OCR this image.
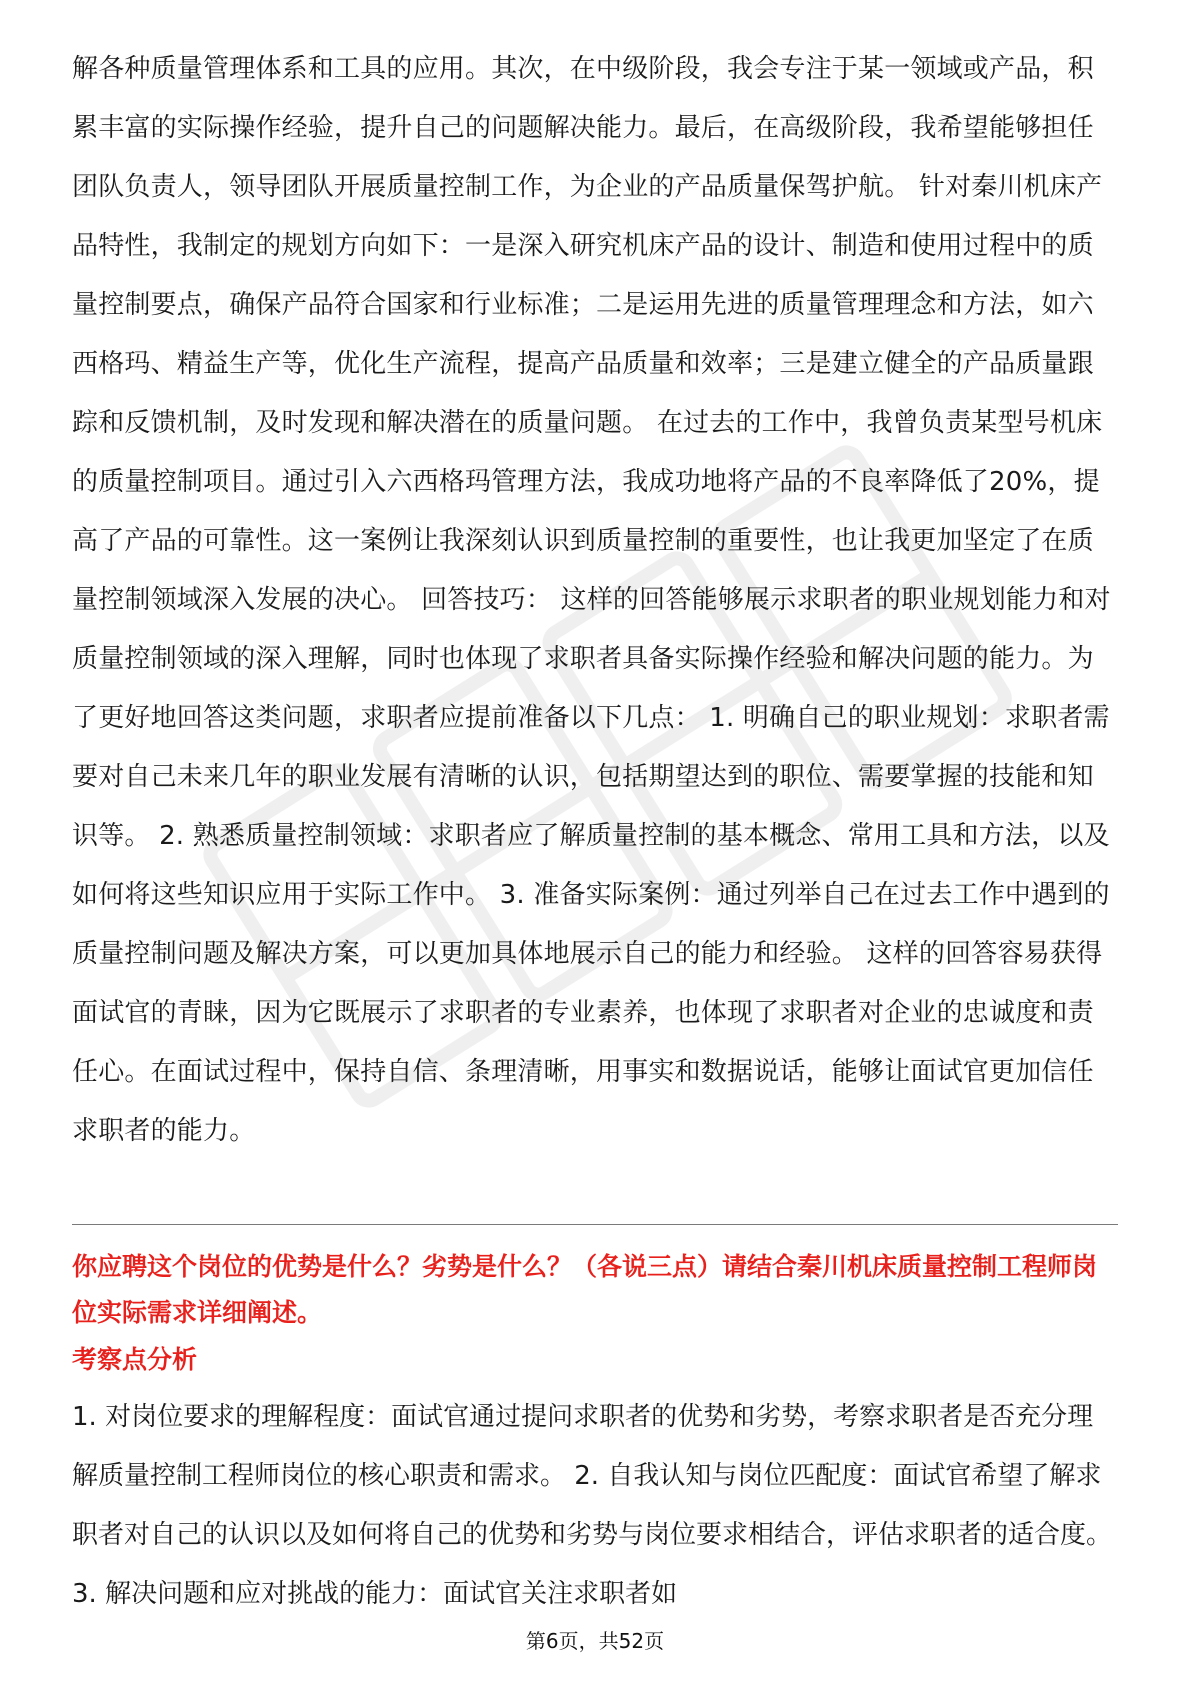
解各种质量管理体系和工具的应用。其次，在中级阶段，我会专注于某一领域或产品，积累丰富的实际操作经验，提升自己的问题解决能力。最后，在高级阶段，我希望能够担任团队负责人，领导团队开展质量控制工作，为企业的产品质量保驾护航。 针对秦川机床产品特性，我制定的规划方向如下：一是深入研究机床产品的设计、制造和使用过程中的质量控制要点，确保产品符合国家和行业标准；二是运用先进的质量管理理念和方法，如六西格玛、精益生产等，优化生产流程，提高产品质量和效率；三是建立健全的产品质量跟踪和反馈机制，及时发现和解决潜在的质量问题。 在过去的工作中，我曾负责某型号机床的质量控制项目。通过引入六西格玛管理方法，我成功地将产品的不良率降低了20%，提高了产品的可靠性。这一案例让我深刻认识到质量控制的重要性，也让我更加坚定了在质量控制领域深入发展的决心。 回答技巧： 这样的回答能够展示求职者的职业规划能力和对质量控制领域的深入理解，同时也体现了求职者具备实际操作经验和解决问题的能力。为了更好地回答这类问题，求职者应提前准备以下几点： 1. 明确自己的职业规划：求职者需要对自己未来几年的职业发展有清晰的认识，包括期望达到的职位、需要掌握的技能和知识等。 2. 熟悉质量控制领域：求职者应了解质量控制的基本概念、常用工具和方法，以及如何将这些知识应用于实际工作中。 3. 准备实际案例：通过列举自己在过去工作中遇到的质量控制问题及解决方案，可以更加具体地展示自己的能力和经验。 这样的回答容易获得面试官的青睐，因为它既展示了求职者的专业素养，也体现了求职者对企业的忠诚度和责任心。在面试过程中，保持自信、条理清晰，用事实和数据说话，能够让面试官更加信任求职者的能力。

你应聘这个岗位的优势是什么？劣势是什么？（各说三点）请结合秦川机床质量控制工程师岗位实际需求详细阐述。

考察点分析

1. 对岗位要求的理解程度：面试官通过提问求职者的优势和劣势，考察求职者是否充分理解质量控制工程师岗位的核心职责和需求。 2. 自我认知与岗位匹配度：面试官希望了解求职者对自己的认识以及如何将自己的优势和劣势与岗位要求相结合，评估求职者的适合度。 3. 解决问题和应对挑战的能力：面试官关注求职者如

第6页，共52页
